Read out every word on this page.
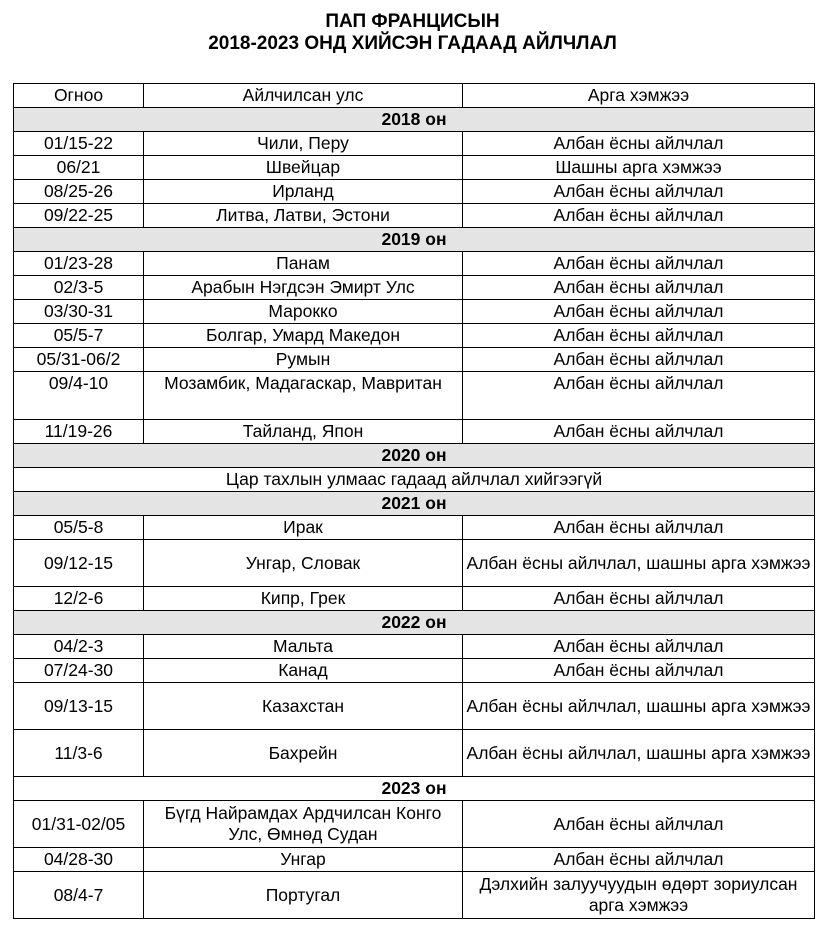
ПАП ФРАНЦИСЫН
2018-2023 ОНД ХИЙСЭН ГАДААД АЙЛЧЛАЛ
Огноо	Айлчилсан улс	Арга хэмжээ
2018 он		
01/15-22	Чили, Перу	Албан ёсны айлчлал
06/21	Швейцар	Шашны арга хэмжээ
08/25-26	Ирланд	Албан ёсны айлчлал
09/22-25	Литва, Латви, Эстони	Албан ёсны айлчлал
2019 он		
01/23-28	Панам	Албан ёсны айлчлал
02/3-5	Арабын Нэгдсэн Эмирт Улс	Албан ёсны айлчлал
03/30-31	Марокко	Албан ёсны айлчлал
05/5-7	Болгар, Умард Македон	Албан ёсны айлчлал
05/31-06/2	Румын	Албан ёсны айлчлал
09/4-10	Мозамбик, Мадагаскар, Мавритан	Албан ёсны айлчлал
11/19-26	Тайланд, Япон	Албан ёсны айлчлал
2020 он		
Цар тахлын улмаас гадаад айлчлал хийгээгүй		
2021 он		
05/5-8	Ирак	Албан ёсны айлчлал
09/12-15	Унгар, Словак	Албан ёсны айлчлал, шашны арга хэмжээ
12/2-6	Кипр, Грек	Албан ёсны айлчлал
2022 он		
04/2-3	Мальта	Албан ёсны айлчлал
07/24-30	Канад	Албан ёсны айлчлал
09/13-15	Казахстан	Албан ёсны айлчлал, шашны арга хэмжээ
11/3-6	Бахрейн	Албан ёсны айлчлал, шашны арга хэмжээ
2023 он		
01/31-02/05	Бүгд Найрамдах Ардчилсан Конго Улс, Өмнөд Судан	Албан ёсны айлчлал
04/28-30	Унгар	Албан ёсны айлчлал
08/4-7	Португал	Дэлхийн залуучуудын өдөрт зориулсан арга хэмжээ
